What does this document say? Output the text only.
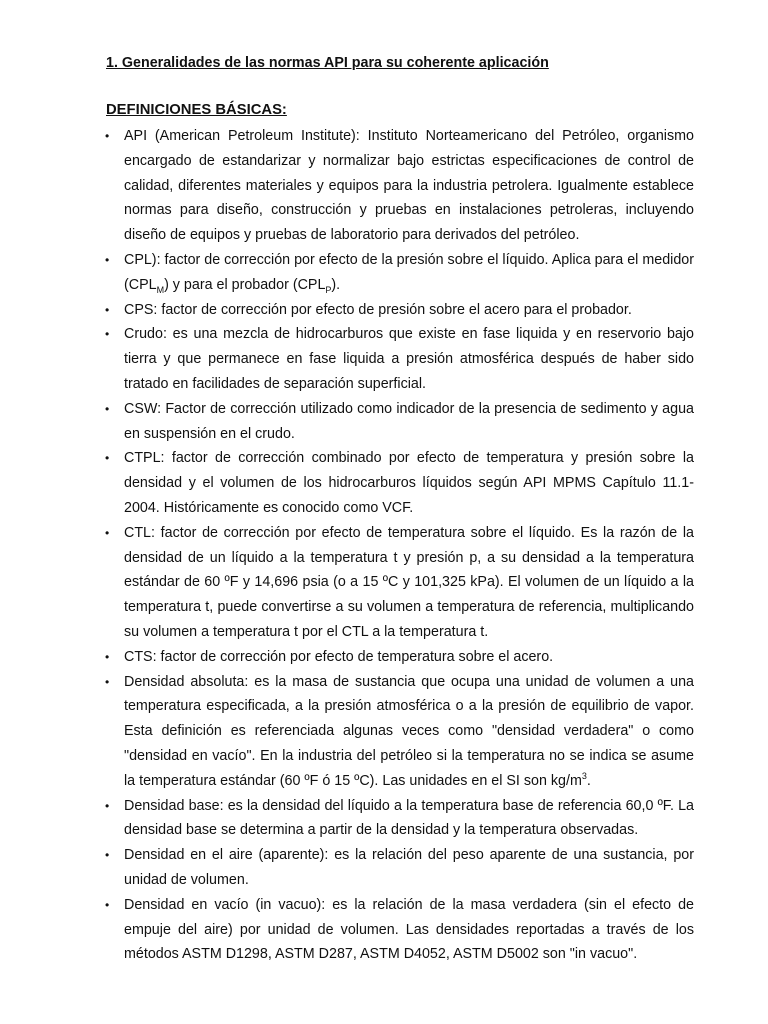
1. Generalidades de las normas API para su coherente aplicación
DEFINICIONES BÁSICAS:
• API (American Petroleum Institute): Instituto Norteamericano del Petróleo, organismo encargado de estandarizar y normalizar bajo estrictas especificaciones de control de calidad, diferentes materiales y equipos para la industria petrolera. Igualmente establece normas para diseño, construcción y pruebas en instalaciones petroleras, incluyendo diseño de equipos y pruebas de laboratorio para derivados del petróleo.
• CPL): factor de corrección por efecto de la presión sobre el líquido. Aplica para el medidor $(CPL_M)$ y para el probador $(CPL_P)$.
• CPS: factor de corrección por efecto de presión sobre el acero para el probador.
• Crudo: es una mezcla de hidrocarburos que existe en fase liquida y en reservorio bajo tierra y que permanece en fase liquida a presión atmosférica después de haber sido tratado en facilidades de separación superficial.
• CSW: Factor de corrección utilizado como indicador de la presencia de sedimento y agua en suspensión en el crudo.
• CTPL: factor de corrección combinado por efecto de temperatura y presión sobre la densidad y el volumen de los hidrocarburos líquidos según API MPMS Capítulo 11.1-2004. Históricamente es conocido como VCF.
• CTL: factor de corrección por efecto de temperatura sobre el líquido. Es la razón de la densidad de un líquido a la temperatura t y presión p, a su densidad a la temperatura estándar de 60 ºF y 14,696 psia (o a 15 ºC y 101,325 kPa). El volumen de un líquido a la temperatura t, puede convertirse a su volumen a temperatura de referencia, multiplicando su volumen a temperatura t por el CTL a la temperatura t.
• CTS: factor de corrección por efecto de temperatura sobre el acero.
• Densidad absoluta: es la masa de sustancia que ocupa una unidad de volumen a una temperatura especificada, a la presión atmosférica o a la presión de equilibrio de vapor. Esta definición es referenciada algunas veces como "densidad verdadera" o como "densidad en vacío". En la industria del petróleo si la temperatura no se indica se asume la temperatura estándar (60 ºF ó 15 ºC). Las unidades en el SI son $kg/m^3$.
• Densidad base: es la densidad del líquido a la temperatura base de referencia 60,0 ºF. La densidad base se determina a partir de la densidad y la temperatura observadas.
• Densidad en el aire (aparente): es la relación del peso aparente de una sustancia, por unidad de volumen.
• Densidad en vacío (in vacuo): es la relación de la masa verdadera (sin el efecto de empuje del aire) por unidad de volumen. Las densidades reportadas a través de los métodos ASTM D1298, ASTM D287, ASTM D4052, ASTM D5002 son "in vacuo".
